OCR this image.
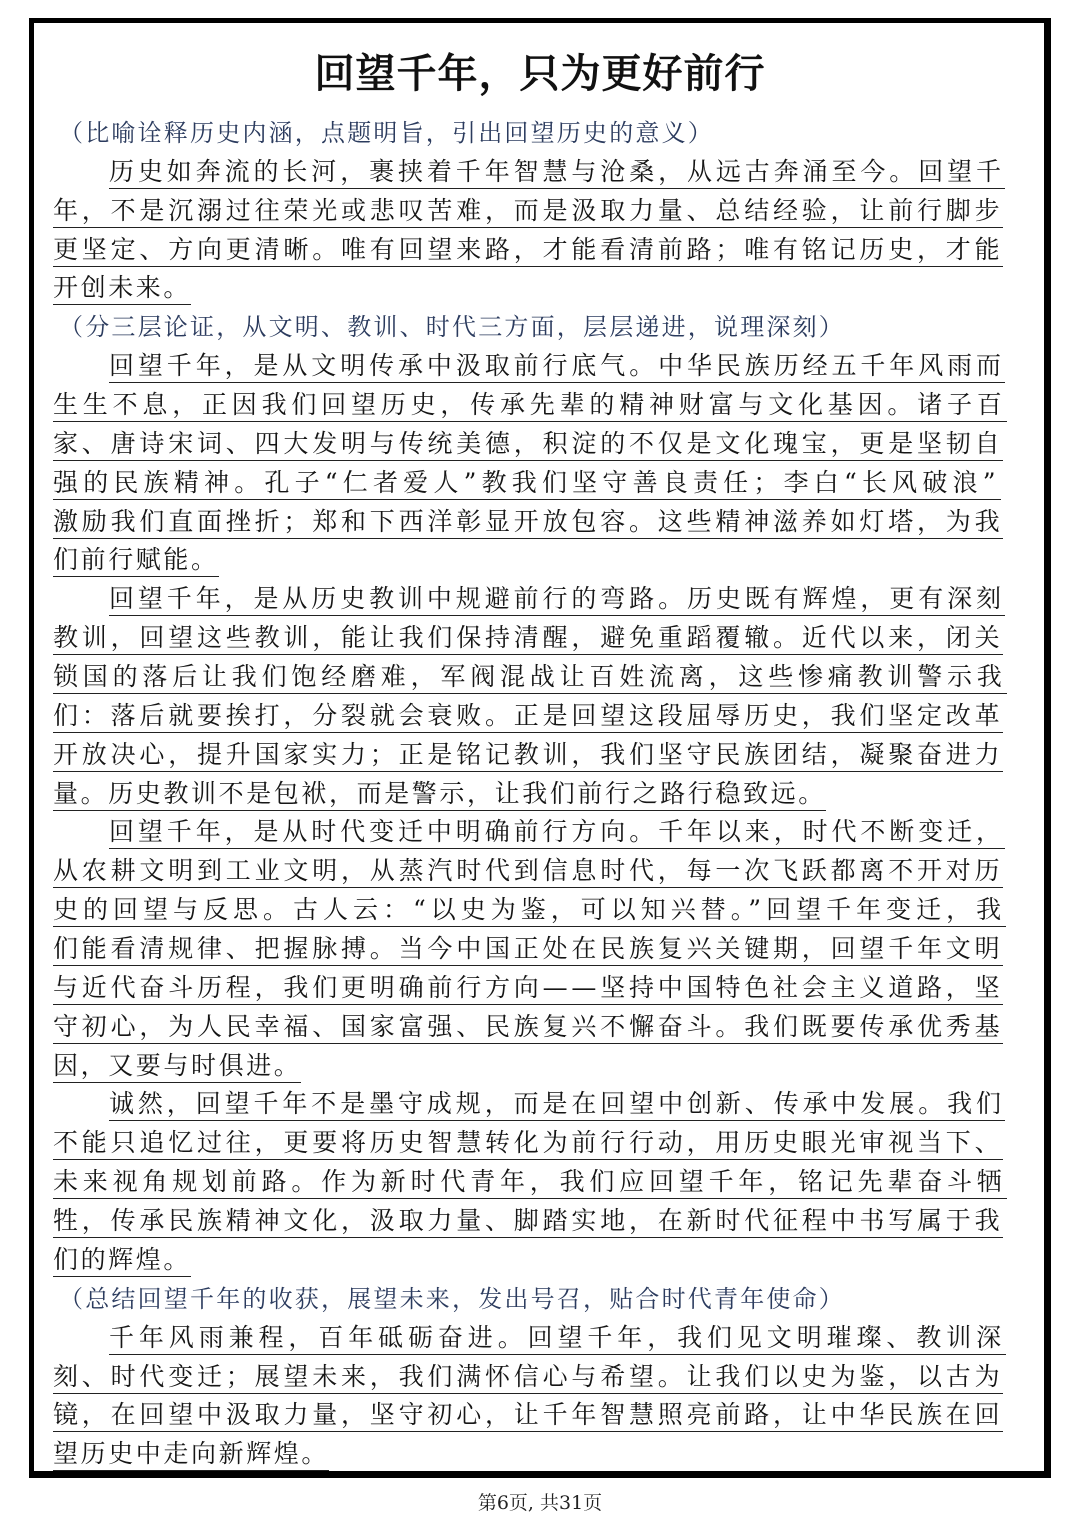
回望千年，只为更好前行
（比喻诠释历史内涵，点题明旨，引出回望历史的意义）
历史如奔流的长河，裹挟着千年智慧与沧桑，从远古奔涌至今。回望千
年，不是沉溺过往荣光或悲叹苦难，而是汲取力量、总结经验，让前行脚步
更坚定、方向更清晰。唯有回望来路，才能看清前路；唯有铭记历史，才能
开创未来。
（分三层论证，从文明、教训、时代三方面，层层递进，说理深刻）
回望千年，是从文明传承中汲取前行底气。中华民族历经五千年风雨而
生生不息，正因我们回望历史，传承先辈的精神财富与文化基因。诸子百
家、唐诗宋词、四大发明与传统美德，积淀的不仅是文化瑰宝，更是坚韧自
强的民族精神。孔子“仁者爱人”教我们坚守善良责任；李白“长风破浪”
激励我们直面挫折；郑和下西洋彰显开放包容。这些精神滋养如灯塔，为我
们前行赋能。
回望千年，是从历史教训中规避前行的弯路。历史既有辉煌，更有深刻
教训，回望这些教训，能让我们保持清醒，避免重蹈覆辙。近代以来，闭关
锁国的落后让我们饱经磨难，军阀混战让百姓流离，这些惨痛教训警示我
们：落后就要挨打，分裂就会衰败。正是回望这段屈辱历史，我们坚定改革
开放决心，提升国家实力；正是铭记教训，我们坚守民族团结，凝聚奋进力
量。历史教训不是包袱，而是警示，让我们前行之路行稳致远。
回望千年，是从时代变迁中明确前行方向。千年以来，时代不断变迁，
从农耕文明到工业文明，从蒸汽时代到信息时代，每一次飞跃都离不开对历
史的回望与反思。古人云：“以史为鉴，可以知兴替。”回望千年变迁，我
们能看清规律、把握脉搏。当今中国正处在民族复兴关键期，回望千年文明
与近代奋斗历程，我们更明确前行方向——坚持中国特色社会主义道路，坚
守初心，为人民幸福、国家富强、民族复兴不懈奋斗。我们既要传承优秀基
因，又要与时俱进。
诚然，回望千年不是墨守成规，而是在回望中创新、传承中发展。我们
不能只追忆过往，更要将历史智慧转化为前行行动，用历史眼光审视当下、
未来视角规划前路。作为新时代青年，我们应回望千年，铭记先辈奋斗牺
牲，传承民族精神文化，汲取力量、脚踏实地，在新时代征程中书写属于我
们的辉煌。
（总结回望千年的收获，展望未来，发出号召，贴合时代青年使命）
千年风雨兼程，百年砥砺奋进。回望千年，我们见文明璀璨、教训深
刻、时代变迁；展望未来，我们满怀信心与希望。让我们以史为鉴，以古为
镜，在回望中汲取力量，坚守初心，让千年智慧照亮前路，让中华民族在回
望历史中走向新辉煌。
第6页, 共31页
